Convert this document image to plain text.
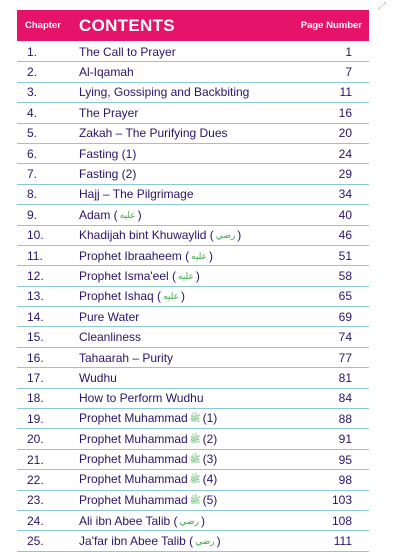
⤢
Chapter	CONTENTS	Page Number
1.	The Call to Prayer	1
2.	Al-Iqamah	7
3.	Lying, Gossiping and Backbiting	11
4.	The Prayer	16
5.	Zakah – The Purifying Dues	20
6.	Fasting (1)	24
7.	Fasting (2)	29
8.	Hajj – The Pilgrimage	34
9.	Adam ( عليه )	40
10.	Khadijah bint Khuwaylid ( رضي )	46
11.	Prophet Ibraaheem ( عليه )	51
12.	Prophet Isma'eel ( عليه )	58
13.	Prophet Ishaq ( عليه )	65
14.	Pure Water	69
15.	Cleanliness	74
16.	Tahaarah – Purity	77
17.	Wudhu	81
18.	How to Perform Wudhu	84
19.	Prophet Muhammad ﷺ (1)	88
20.	Prophet Muhammad ﷺ (2)	91
21.	Prophet Muhammad ﷺ (3)	95
22.	Prophet Muhammad ﷺ (4)	98
23.	Prophet Muhammad ﷺ (5)	103
24.	Ali ibn Abee Talib ( رضي )	108
25.	Ja'far ibn Abee Talib ( رضي )	111
